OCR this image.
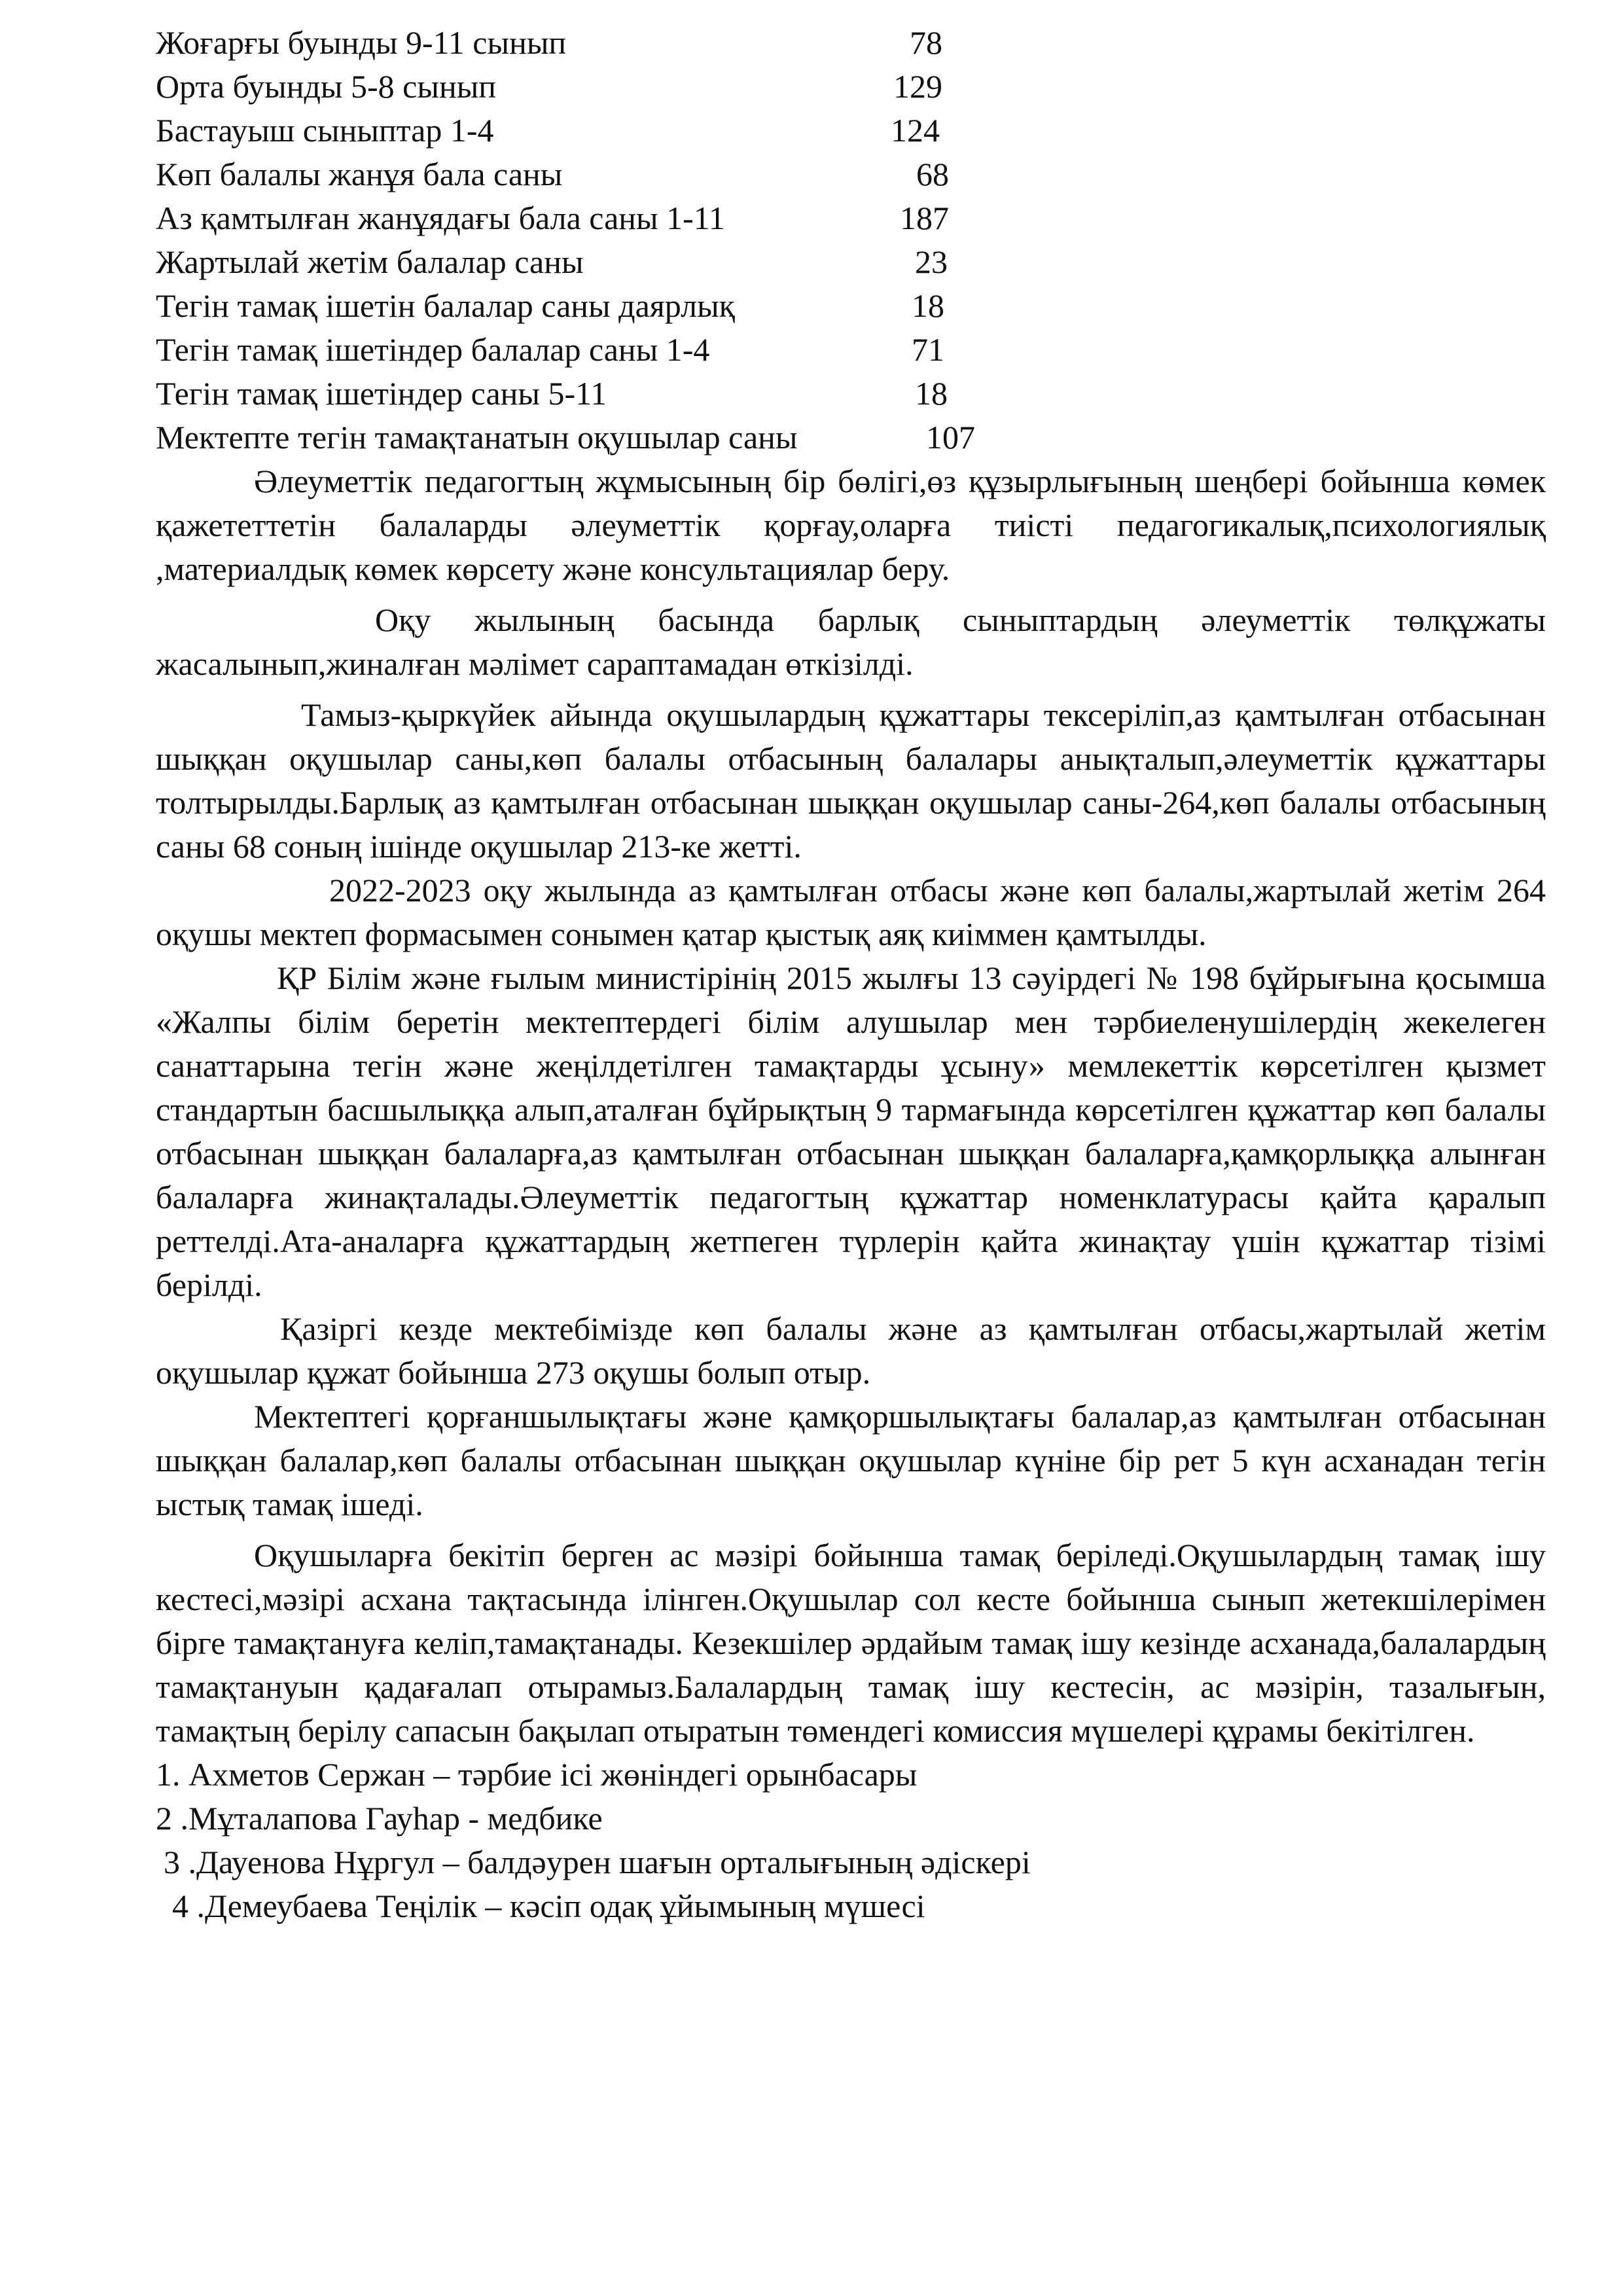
Жоғарғы буынды 9-11 сынып	78
Орта буынды 5-8 сынып	129
Бастауыш сыныптар 1-4	124
Көп балалы жанұя бала саны	68
Аз қамтылған жанұядағы бала саны 1-11	187
Жартылай жетім балалар саны	23
Тегін тамақ ішетін балалар саны даярлық	18
Тегін тамақ ішетіндер балалар саны 1-4	71
Тегін тамақ ішетіндер саны 5-11	18
Мектепте тегін тамақтанатын оқушылар саны	107

Әлеуметтік педагогтың жұмысының бір бөлігі,өз құзырлығының шеңбері бойынша көмек қажететтетін балаларды әлеуметтік қорғау,оларға тиісті педагогикалық,психологиялық ,материалдық көмек көрсету және консультациялар беру.

Оқу жылының басында барлық сыныптардың әлеуметтік төлқұжаты жасалынып,жиналған мәлімет сараптамадан өткізілді.

Тамыз-қыркүйек айында оқушылардың құжаттары тексеріліп,аз қамтылған отбасынан шыққан оқушылар саны,көп балалы отбасының балалары анықталып,әлеуметтік құжаттары толтырылды.Барлық аз қамтылған отбасынан шыққан оқушылар саны-264,көп балалы отбасының саны 68 соның ішінде оқушылар 213-ке жетті.

2022-2023 оқу жылында аз қамтылған отбасы және көп балалы,жартылай жетім 264 оқушы мектеп формасымен сонымен қатар қыстық аяқ киіммен қамтылды.

ҚР Білім және ғылым министірінің 2015 жылғы 13 сәуірдегі № 198 бұйрығына қосымша «Жалпы білім беретін мектептердегі білім алушылар мен тәрбиеленушілердің жекелеген санаттарына тегін және жеңілдетілген тамақтарды ұсыну» мемлекеттік көрсетілген қызмет стандартын басшылыққа алып,аталған бұйрықтың 9 тармағында көрсетілген құжаттар көп балалы отбасынан шыққан балаларға,аз қамтылған отбасынан шыққан балаларға,қамқорлыққа алынған балаларға жинақталады.Әлеуметтік педагогтың құжаттар номенклатурасы қайта қаралып реттелді.Ата-аналарға құжаттардың жетпеген түрлерін қайта жинақтау үшін құжаттар тізімі берілді.

Қазіргі кезде мектебімізде көп балалы және аз қамтылған отбасы,жартылай жетім оқушылар құжат бойынша 273 оқушы болып отыр.

Мектептегі қорғаншылықтағы және қамқоршылықтағы балалар,аз қамтылған отбасынан шыққан балалар,көп балалы отбасынан шыққан оқушылар күніне бір рет 5 күн асханадан тегін ыстық тамақ ішеді.

Оқушыларға бекітіп берген ас мәзірі бойынша тамақ беріледі.Оқушылардың тамақ ішу кестесі,мәзірі асхана тақтасында ілінген.Оқушылар сол кесте бойынша сынып жетекшілерімен бірге тамақтануға келіп,тамақтанады. Кезекшілер әрдайым тамақ ішу кезінде асханада,балалардың тамақтануын қадағалап отырамыз.Балалардың тамақ ішу кестесін, ас мәзірін, тазалығын, тамақтың берілу сапасын бақылап отыратын төмендегі комиссия мүшелері құрамы бекітілген.

1. Ахметов Сержан – тәрбие ісі жөніндегі орынбасары
2 .Мұталапова Гауһар - медбике
3 .Дауенова Нұргул – балдәурен шағын орталығының әдіскері
4 .Демеубаева Теңілік – кәсіп одақ ұйымының мүшесі
